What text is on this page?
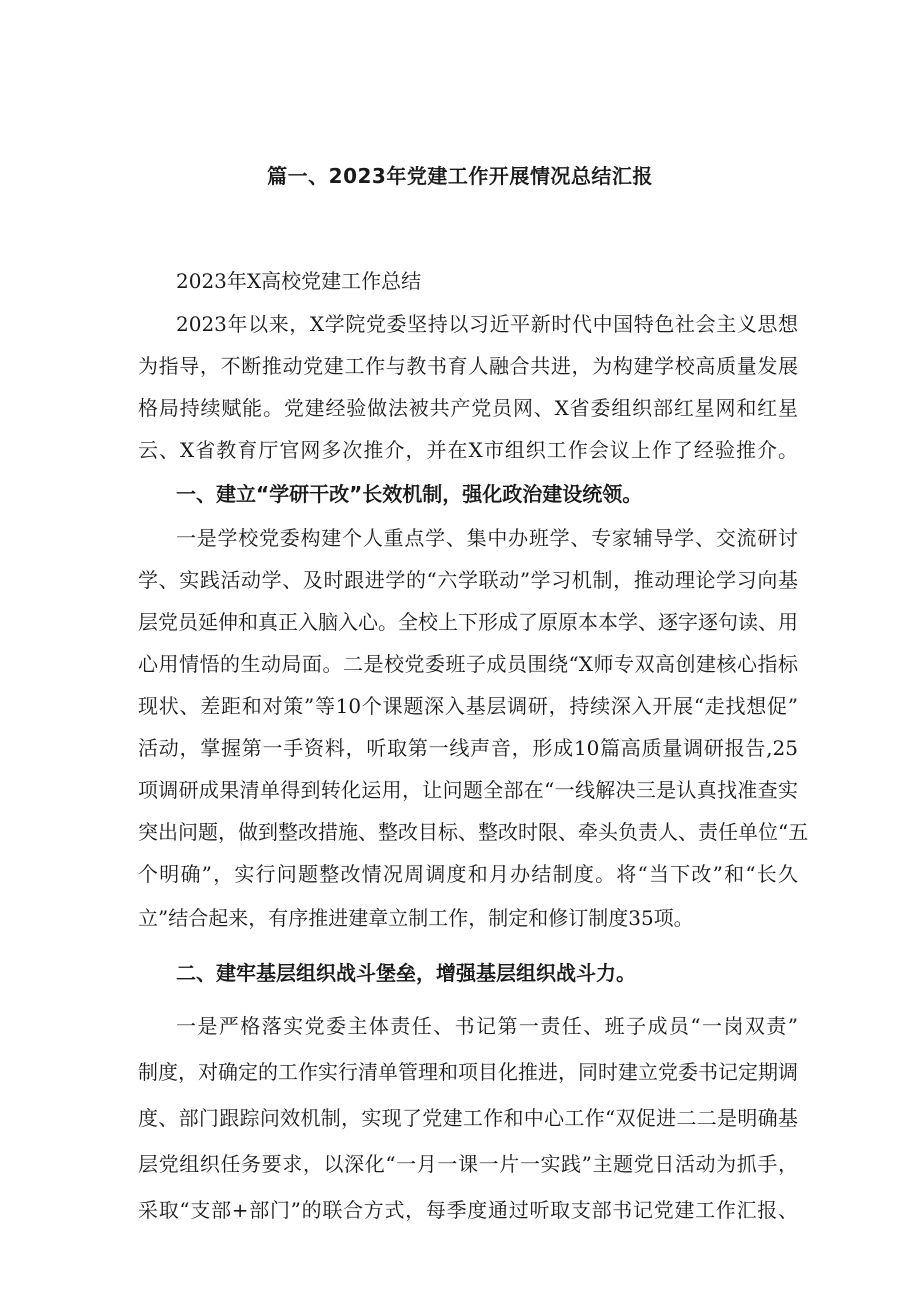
篇一、2023年党建工作开展情况总结汇报
2023年X高校党建工作总结
2023年以来，X学院党委坚持以习近平新时代中国特色社会主义思想
为指导，不断推动党建工作与教书育人融合共进，为构建学校高质量发展
格局持续赋能。党建经验做法被共产党员网、X省委组织部红星网和红星
云、X省教育厅官网多次推介，并在X市组织工作会议上作了经验推介。
一、建立“学研干改”长效机制，强化政治建设统领。
一是学校党委构建个人重点学、集中办班学、专家辅导学、交流研讨
学、实践活动学、及时跟进学的“六学联动”学习机制，推动理论学习向基
层党员延伸和真正入脑入心。全校上下形成了原原本本学、逐字逐句读、用
心用情悟的生动局面。二是校党委班子成员围绕“X师专双高创建核心指标
现状、差距和对策”等10个课题深入基层调研，持续深入开展“走找想促”
活动，掌握第一手资料，听取第一线声音，形成10篇高质量调研报告,25
项调研成果清单得到转化运用，让问题全部在“一线解决三是认真找准查实
突出问题，做到整改措施、整改目标、整改时限、牵头负责人、责任单位“五
个明确”，实行问题整改情况周调度和月办结制度。将“当下改”和“长久
立”结合起来，有序推进建章立制工作，制定和修订制度35项。
二、建牢基层组织战斗堡垒，增强基层组织战斗力。
一是严格落实党委主体责任、书记第一责任、班子成员“一岗双责”
制度，对确定的工作实行清单管理和项目化推进，同时建立党委书记定期调
度、部门跟踪问效机制，实现了党建工作和中心工作“双促进二二是明确基
层党组织任务要求，以深化“一月一课一片一实践”主题党日活动为抓手，
采取“支部+部门”的联合方式，每季度通过听取支部书记党建工作汇报、
